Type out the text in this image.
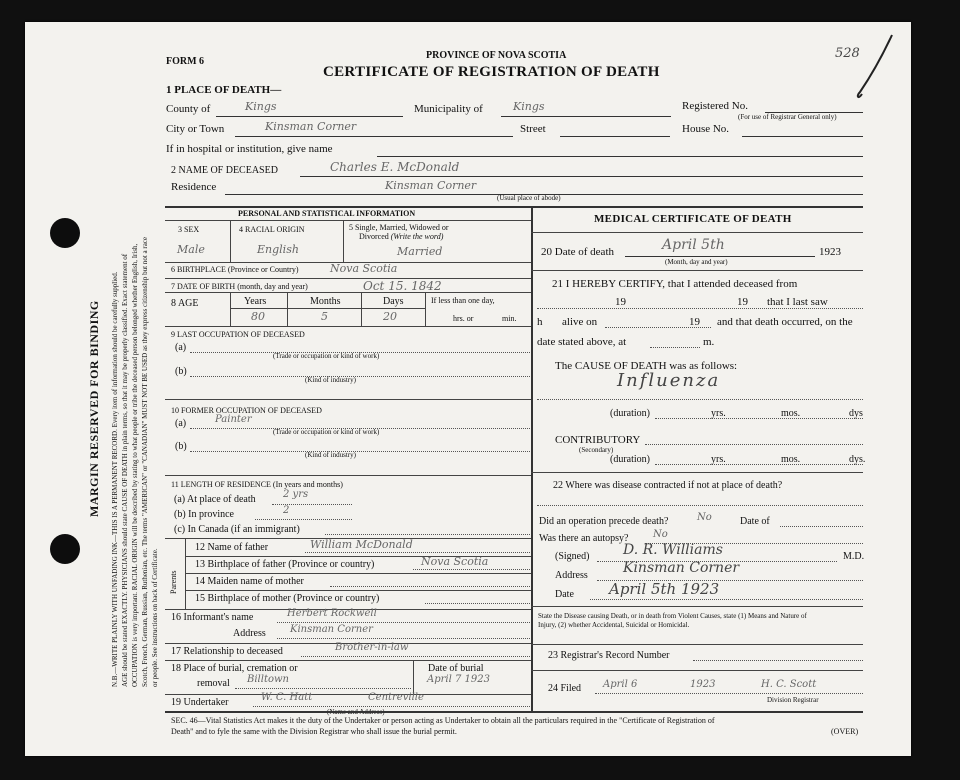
MARGIN RESERVED FOR BINDING N.B.—WRITE PLAINLY WITH UNFADING INK—THIS IS A PERMANENT RECORD. Every item of information should be carefully supplied. AGE should be stated EXACTLY. PHYSICIANS should state CAUSE OF DEATH in plain terms, so that it may be properly classified. Exact statement of OCCUPATION is very important. RACIAL ORIGIN will be described by stating to what people or tribe the deceased person belonged whether English, Irish, Scotch, French, German, Russian, Ruthenian, etc. The terms "AMERICAN" or "CANADIAN" MUST NOT BE USED as they express citizenship but not a race or people. See instructions on back of Certificate.
FORM 6
PROVINCE OF NOVA SCOTIA
CERTIFICATE OF REGISTRATION OF DEATH
528
1 PLACE OF DEATH—
County of	Kings	Municipality of	Kings	Registered No.
(For use of Registrar General only)
City or Town	Kinsman Corner	Street	House No.
If in hospital or institution, give name
2 NAME OF DECEASED	Charles E. McDonald
Residence	Kinsman Corner
(Usual place of abode)
PERSONAL AND STATISTICAL INFORMATION
3 SEX
Male
4 RACIAL ORIGIN
English
5 Single, Married, Widowed or
Divorced (Write the word)
Married
6 BIRTHPLACE (Province or Country)	Nova Scotia
7 DATE OF BIRTH (month, day and year)	Oct 15. 1842
8 AGE	Years	Months	Days
80	5	20
If less than one day,
hrs. or	min.
9 LAST OCCUPATION OF DECEASED
(a)
(Trade or occupation or kind of work)
(b)
(Kind of industry)
10 FORMER OCCUPATION OF DECEASED
(a)	Painter
(Trade or occupation or kind of work)
(b)
(Kind of industry)
11 LENGTH OF RESIDENCE (In years and months)
(a) At place of death	2 yrs
(b) In province	2
(c) In Canada (if an immigrant)
Parents
12 Name of father	William McDonald
13 Birthplace of father (Province or country)	Nova Scotia
14 Maiden name of mother
15 Birthplace of mother (Province or country)
16 Informant's name	Herbert Rockwell
Address Kinsman Corner
17 Relationship to deceased	Brother-in-law
18 Place of burial, cremation or
removal Billtown
Date of burial
April 7 1923
19 Undertaker	W. C. Hatt	Centreville
(Name and Address)
MEDICAL CERTIFICATE OF DEATH
20 Date of death	April 5th	1923
(Month, day and year)
21 I HEREBY CERTIFY, that I attended deceased from
19	19 that I last saw
h alive on	19 and that death occurred, on the
date stated above, at	m.
The CAUSE OF DEATH was as follows:
Influenza
(duration)	yrs.	mos.	dys
CONTRIBUTORY
(Secondary)
(duration)	yrs.	mos.	dys.
22 Where was disease contracted if not at place of death?
Did an operation precede death?	No	Date of
Was there an autopsy? No
(Signed) D. R. Williams	M.D.
Address	Kinsman Corner
Date April 5th 1923
State the Disease causing Death, or in death from Violent Causes, state (1) Means and Nature of
Injury, (2) whether Accidental, Suicidal or Homicidal.
23 Registrar's Record Number
24 Filed April 6	1923	H. C. Scott
Division Registrar
SEC. 46—Vital Statistics Act makes it the duty of the Undertaker or person acting as Undertaker to obtain all the particulars required in the "Certificate of Registration of
Death" and to fyle the same with the Division Registrar who shall issue the burial permit.	(OVER)
